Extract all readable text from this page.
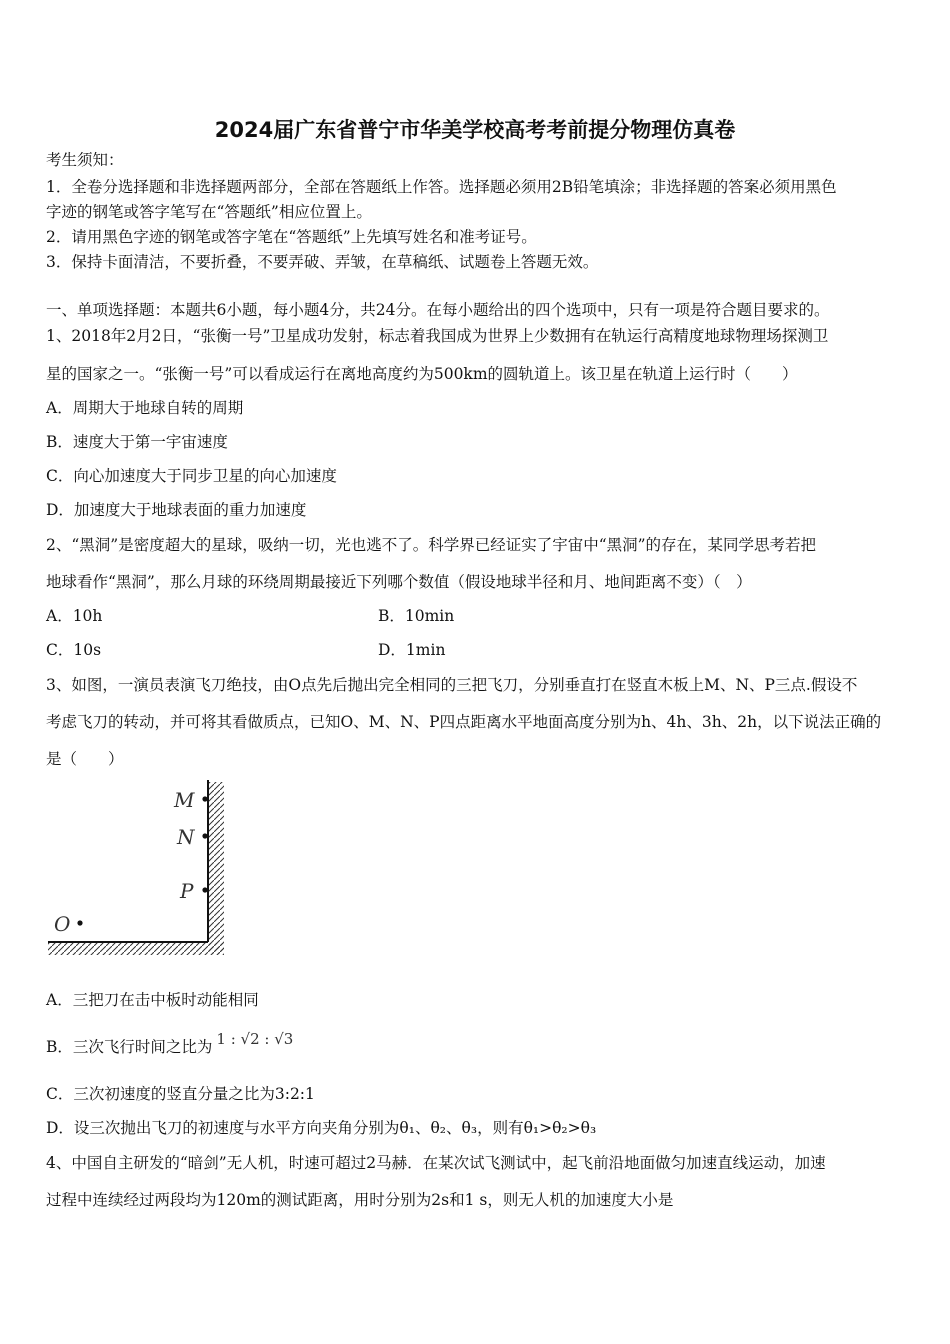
2024届广东省普宁市华美学校高考考前提分物理仿真卷
考生须知：
1．全卷分选择题和非选择题两部分，全部在答题纸上作答。选择题必须用2B铅笔填涂；非选择题的答案必须用黑色
字迹的钢笔或答字笔写在“答题纸”相应位置上。
2．请用黑色字迹的钢笔或答字笔在“答题纸”上先填写姓名和准考证号。
3．保持卡面清洁，不要折叠，不要弄破、弄皱，在草稿纸、试题卷上答题无效。
一、单项选择题：本题共6小题，每小题4分，共24分。在每小题给出的四个选项中，只有一项是符合题目要求的。
1、2018年2月2日，“张衡一号”卫星成功发射，标志着我国成为世界上少数拥有在轨运行高精度地球物理场探测卫
星的国家之一。“张衡一号”可以看成运行在离地高度约为500km的圆轨道上。该卫星在轨道上运行时（　　）
A．周期大于地球自转的周期
B．速度大于第一宇宙速度
C．向心加速度大于同步卫星的向心加速度
D．加速度大于地球表面的重力加速度
2、“黑洞”是密度超大的星球，吸纳一切，光也逃不了。科学界已经证实了宇宙中“黑洞”的存在，某同学思考若把
地球看作“黑洞”，那么月球的环绕周期最接近下列哪个数值（假设地球半径和月、地间距离不变）（　）
A．10h	B．10min
C．10s	D．1min
3、如图，一演员表演飞刀绝技，由O点先后抛出完全相同的三把飞刀，分别垂直打在竖直木板上M、N、P三点.假设不
考虑飞刀的转动，并可将其看做质点，已知O、M、N、P四点距离水平地面高度分别为h、4h、3h、2h，以下说法正确的
是（　　）
M
N
P
O
A．三把刀在击中板时动能相同
B．三次飞行时间之比为 1 : √2 : √3
C．三次初速度的竖直分量之比为3:2:1
D．设三次抛出飞刀的初速度与水平方向夹角分别为θ₁、θ₂、θ₃，则有θ₁>θ₂>θ₃
4、中国自主研发的“暗剑”无人机，时速可超过2马赫．在某次试飞测试中，起飞前沿地面做匀加速直线运动，加速
过程中连续经过两段均为120m的测试距离，用时分别为2s和1 s，则无人机的加速度大小是
